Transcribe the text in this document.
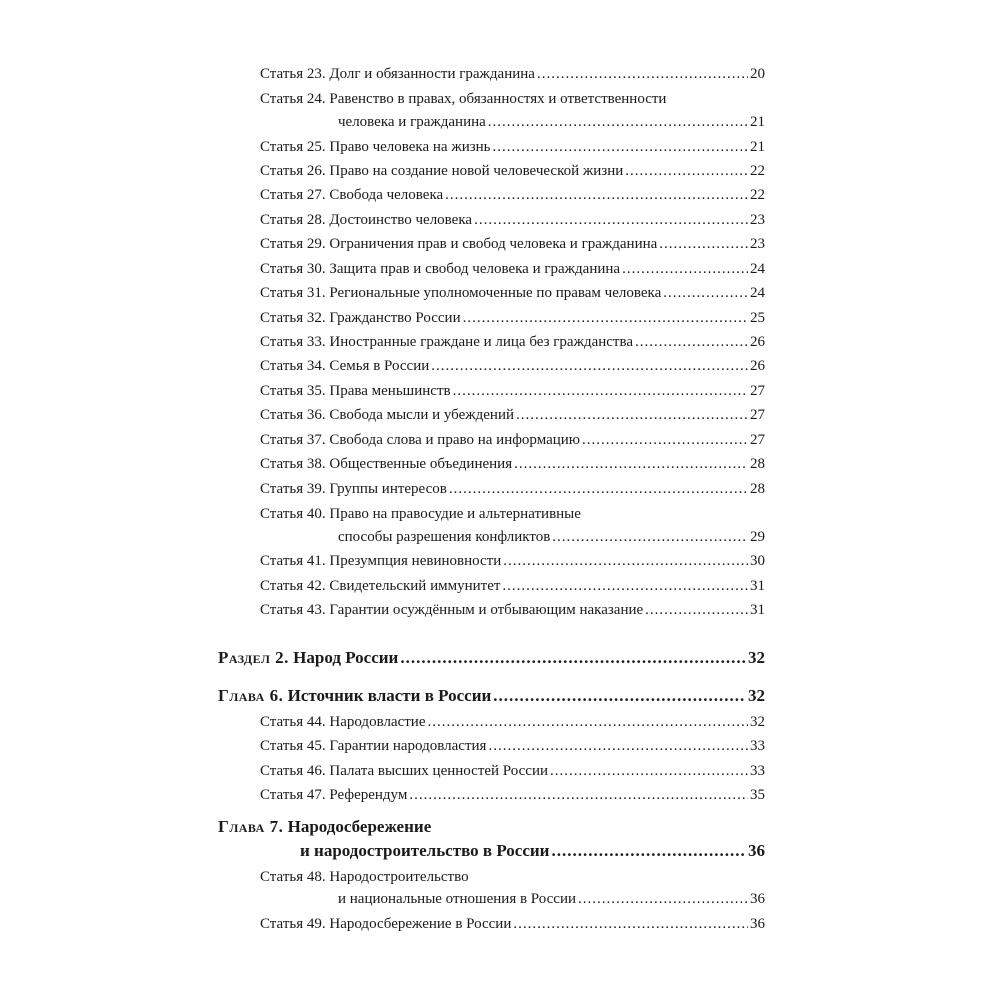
Статья 23. Долг и обязанности гражданина .....	20
Статья 24. Равенство в правах, обязанностях и ответственности
человека и гражданина .....	21
Статья 25. Право человека на жизнь .....	21
Статья 26. Право на создание новой человеческой жизни .....	22
Статья 27. Свобода человека .....	22
Статья 28. Достоинство человека .....	23
Статья 29. Ограничения прав и свобод человека и гражданина .....	23
Статья 30. Защита прав и свобод человека и гражданина .....	24
Статья 31. Региональные уполномоченные по правам человека .....	24
Статья 32. Гражданство России .....	25
Статья 33. Иностранные граждане и лица без гражданства .....	26
Статья 34. Семья в России .....	26
Статья 35. Права меньшинств .....	27
Статья 36. Свобода мысли и убеждений .....	27
Статья 37. Свобода слова и право на информацию .....	27
Статья 38. Общественные объединения .....	28
Статья 39. Группы интересов .....	28
Статья 40. Право на правосудие и альтернативные
способы разрешения конфликтов .....	29
Статья 41. Презумпция невиновности .....	30
Статья 42. Свидетельский иммунитет .....	31
Статья 43. Гарантии осуждённым и отбывающим наказание .....	31
Раздел 2. Народ России .....	32
Глава 6. Источник власти в России .....	32
Статья 44. Народовластие .....	32
Статья 45. Гарантии народовластия .....	33
Статья 46. Палата высших ценностей России .....	33
Статья 47. Референдум .....	35
Глава 7. Народосбережение
и народостроительство в России .....	36
Статья 48. Народостроительство
и национальные отношения в России .....	36
Статья 49. Народосбережение в России .....	36
